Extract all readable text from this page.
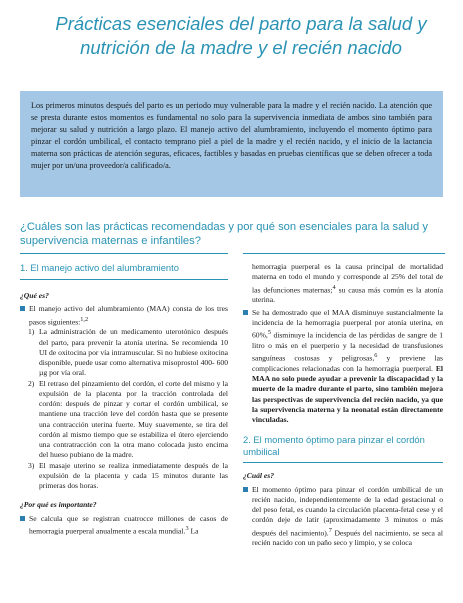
Prácticas esenciales del parto para la salud y nutrición de la madre y el recién nacido

Los primeros minutos después del parto es un periodo muy vulnerable para la madre y el recién nacido. La atención que se presta durante estos momentos es fundamental no solo para la supervivencia inmediata de ambos sino también para mejorar su salud y nutrición a largo plazo. El manejo activo del alumbramiento, incluyendo el momento óptimo para pinzar el cordón umbilical, el contacto temprano piel a piel de la madre y el recién nacido, y el inicio de la lactancia materna son prácticas de atención seguras, eficaces, factibles y basadas en pruebas científicas que se deben ofrecer a toda mujer por un/una proveedor/a calificado/a.

¿Cuáles son las prácticas recomendadas y por qué son esenciales para la salud y supervivencia maternas e infantiles?

1. El manejo activo del alumbramiento

¿Qué es?

El manejo activo del alumbramiento (MAA) consta de los tres pasos siguientes:$^{1,2}$
1) La administración de un medicamento uterotónico después del parto, para prevenir la atonía uterina. Se recomienda 10 UI de oxitocina por vía intramuscular. Si no hubiese oxitocina disponible, puede usar como alternativa misoprostol 400- 600 µg por vía oral.
2) El retraso del pinzamiento del cordón, el corte del mismo y la expulsión de la placenta por la tracción controlada del cordón: después de pinzar y cortar el cordón umbilical, se mantiene una tracción leve del cordón hasta que se presente una contracción uterina fuerte. Muy suavemente, se tira del cordón al mismo tiempo que se estabiliza el útero ejerciendo una contratracción con la otra mano colocada justo encima del hueso pubiano de la madre.
3) El masaje uterino se realiza inmediatamente después de la expulsión de la placenta y cada 15 minutos durante las primeras dos horas.

¿Por qué es importante?

Se calcula que se registran cuatrocce millones de casos de hemorragia puerperal anualmente a escala mundial.$^3$ La

hemorragia puerperal es la causa principal de mortalidad materna en todo el mundo y corresponde al 25% del total de las defunciones maternas;$^4$ su causa más común es la atonía uterina.

Se ha demostrado que el MAA disminuye sustancialmente la incidencia de la hemorragia puerperal por atonía uterina, en 60%,$^5$ disminuye la incidencia de las pérdidas de sangre de 1 litro o más en el puerperio y la necesidad de transfusiones sanguíneas costosas y peligrosas,$^6$ y previene las complicaciones relacionadas con la hemorragia puerperal. El MAA no solo puede ayudar a prevenir la discapacidad y la muerte de la madre durante el parto, sino también mejora las perspectivas de supervivencia del recién nacido, ya que la supervivencia materna y la neonatal están directamente vinculadas.

2. El momento óptimo para pinzar el cordón umbilical

¿Cuál es?

El momento óptimo para pinzar el cordón umbilical de un recién nacido, independientemente de la edad gestacional o del peso fetal, es cuando la circulación placenta-fetal cese y el cordón deje de latir (aproximadamente 3 minutos o más después del nacimiento).$^7$ Después del nacimiento, se seca al recién nacido con un paño seco y limpio, y se coloca
